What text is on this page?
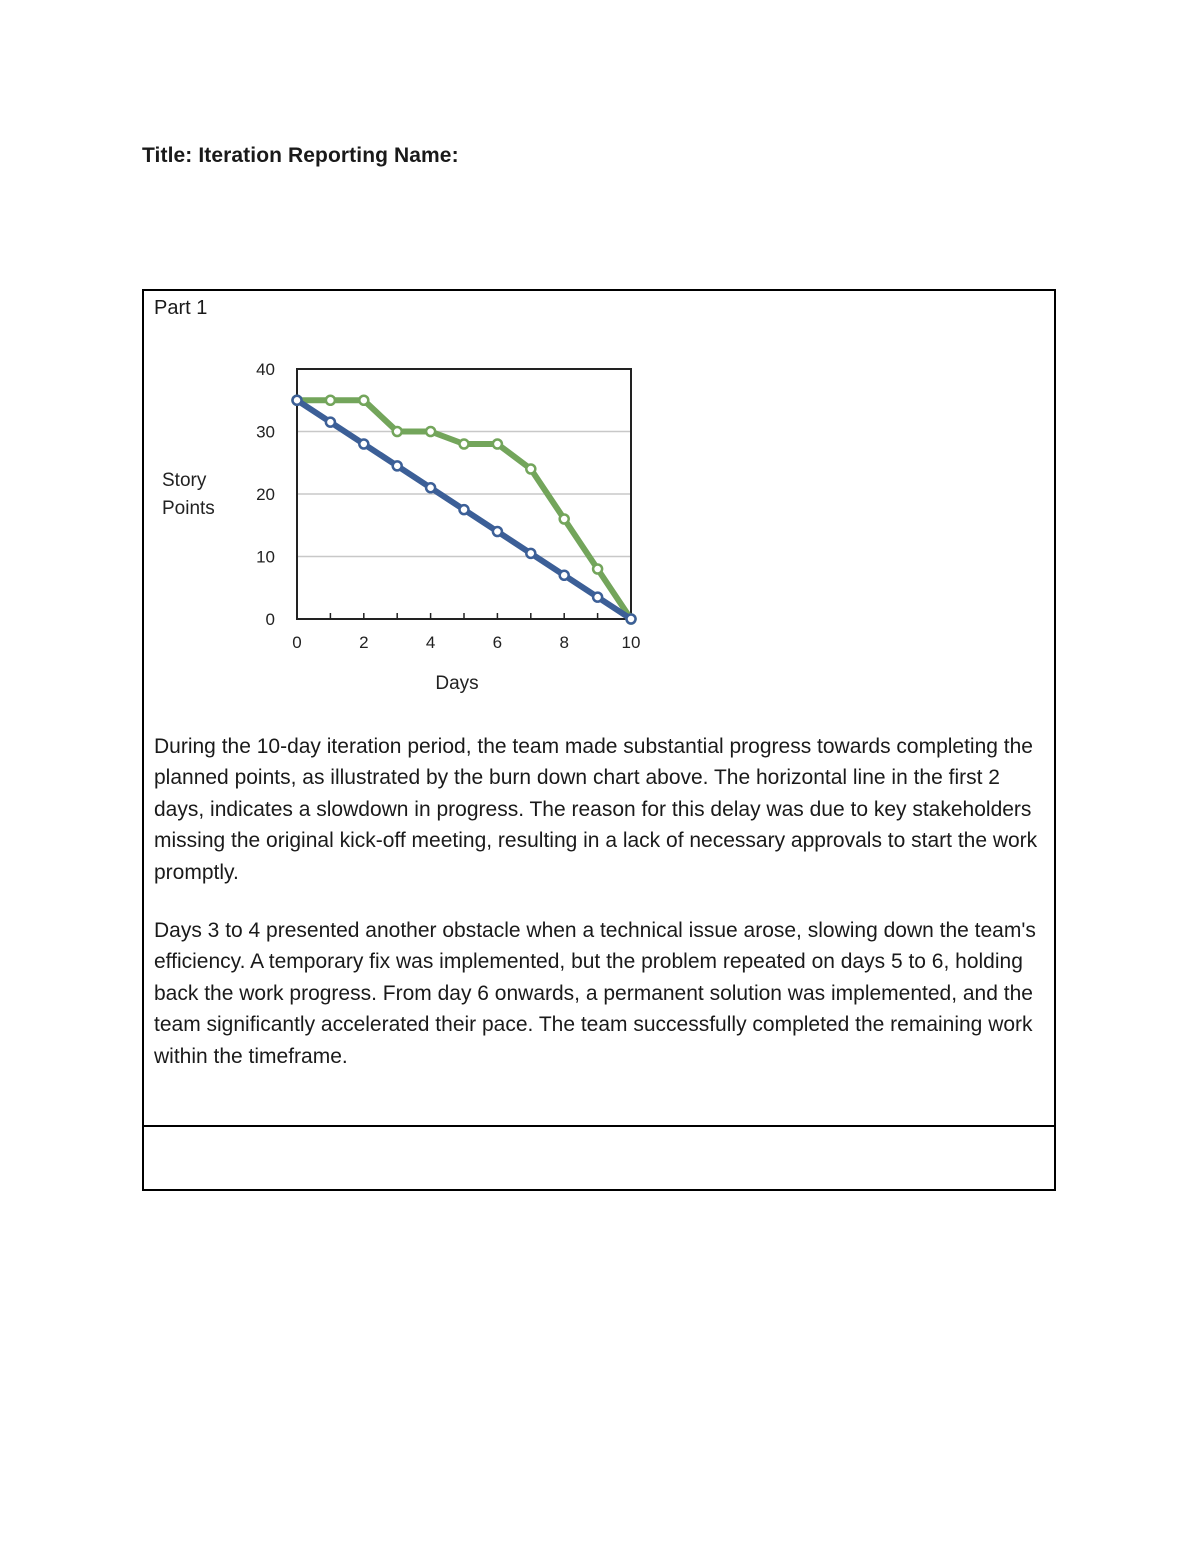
Title: Iteration Reporting Name:
Part 1
0
10
20
30
40
0	2	4	6	8	10
Story
Points
Days

During the 10-day iteration period, the team made substantial progress towards completing the planned points, as illustrated by the burn down chart above. The horizontal line in the first 2 days, indicates a slowdown in progress. The reason for this delay was due to key stakeholders missing the original kick-off meeting, resulting in a lack of necessary approvals to start the work promptly.

Days 3 to 4 presented another obstacle when a technical issue arose, slowing down the team's efficiency. A temporary fix was implemented, but the problem repeated on days 5 to 6, holding back the work progress. From day 6 onwards, a permanent solution was implemented, and the team significantly accelerated their pace. The team successfully completed the remaining work within the timeframe.
